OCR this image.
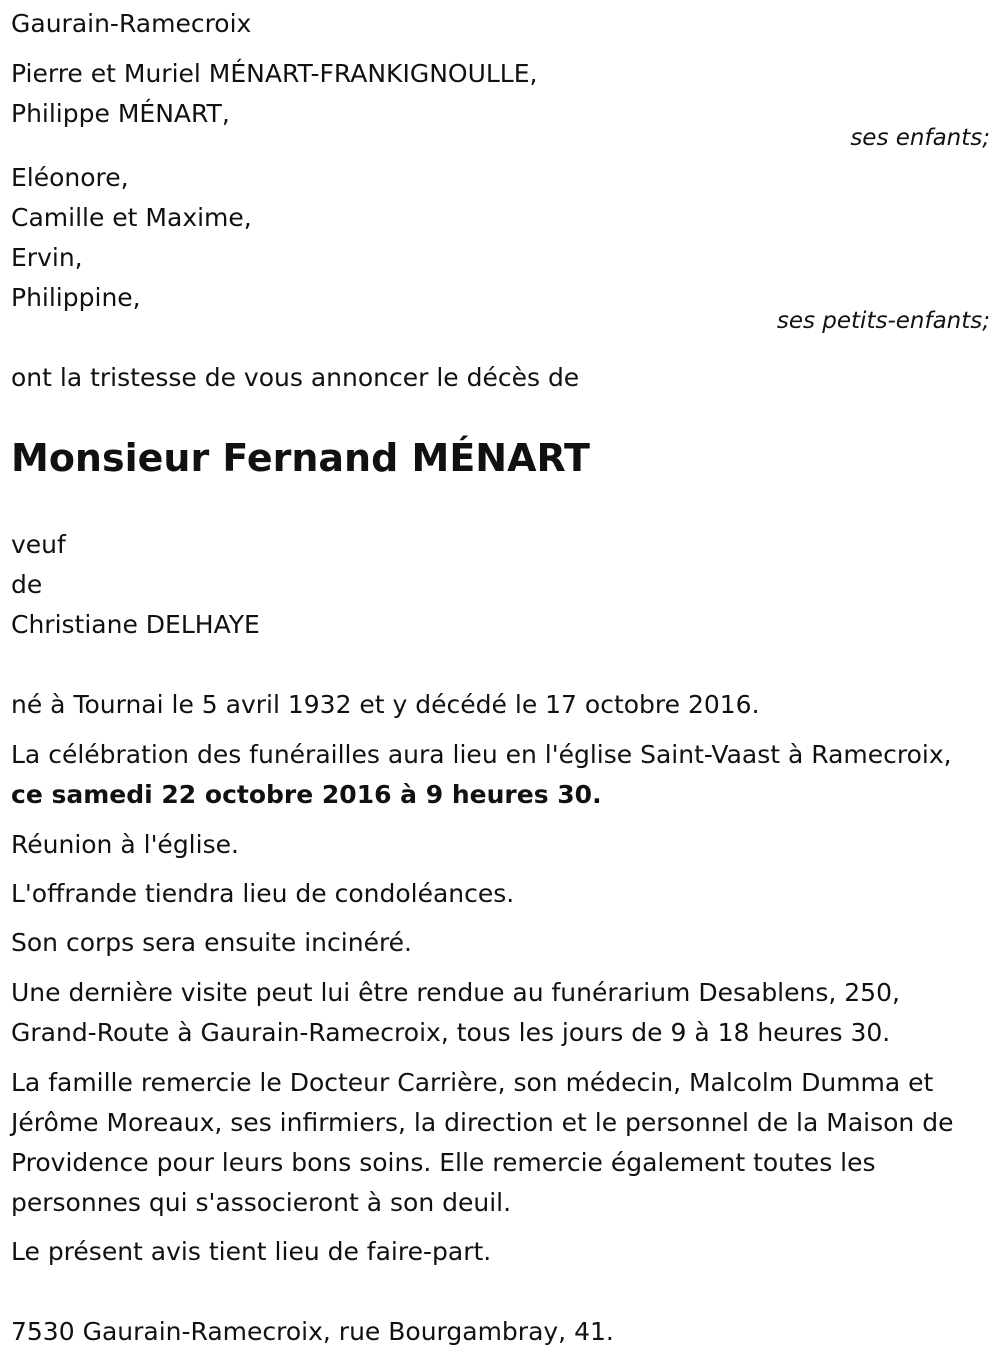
Gaurain-Ramecroix

Pierre et Muriel MÉNART-FRANKIGNOULLE,

Philippe MÉNART,

ses enfants;

Eléonore,

Camille et Maxime,

Ervin,

Philippine,

ses petits-enfants;

ont la tristesse de vous annoncer le décès de

Monsieur Fernand MÉNART

veuf

de

Christiane DELHAYE

né à Tournai le 5 avril 1932 et y décédé le 17 octobre 2016.

La célébration des funérailles aura lieu en l'église Saint-Vaast à Ramecroix, ce samedi 22 octobre 2016 à 9 heures 30.

Réunion à l'église.

L'offrande tiendra lieu de condoléances.

Son corps sera ensuite incinéré.

Une dernière visite peut lui être rendue au funérarium Desablens, 250, Grand-Route à Gaurain-Ramecroix, tous les jours de 9 à 18 heures 30.

La famille remercie le Docteur Carrière, son médecin, Malcolm Dumma et Jérôme Moreaux, ses infirmiers, la direction et le personnel de la Maison de Providence pour leurs bons soins. Elle remercie également toutes les personnes qui s'associeront à son deuil.

Le présent avis tient lieu de faire-part.

7530 Gaurain-Ramecroix, rue Bourgambray, 41.
